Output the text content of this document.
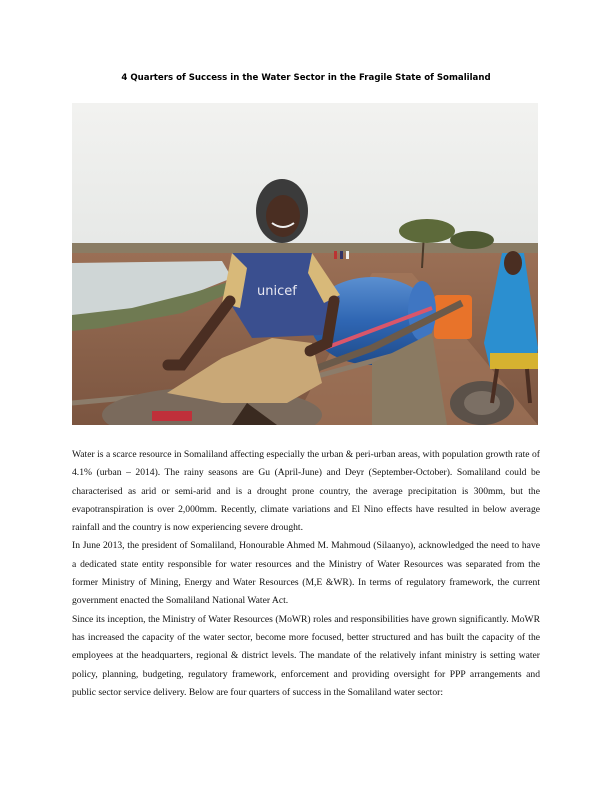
4 Quarters of Success in the Water Sector in the Fragile State of Somaliland
unicef

Water is a scarce resource in Somaliland affecting especially the urban & peri-urban areas, with population growth rate of 4.1% (urban – 2014). The rainy seasons are Gu (April-June) and Deyr (September-October). Somaliland could be characterised as arid or semi-arid and is a drought prone country, the average precipitation is 300mm, but the evapotranspiration is over 2,000mm. Recently, climate variations and El Nino effects have resulted in below average rainfall and the country is now experiencing severe drought.

In June 2013, the president of Somaliland, Honourable Ahmed M. Mahmoud (Silaanyo), acknowledged the need to have a dedicated state entity responsible for water resources and the Ministry of Water Resources was separated from the former Ministry of Mining, Energy and Water Resources (M,E &WR). In terms of regulatory framework, the current government enacted the Somaliland National Water Act.

Since its inception, the Ministry of Water Resources (MoWR) roles and responsibilities have grown significantly. MoWR has increased the capacity of the water sector, become more focused, better structured and has built the capacity of the employees at the headquarters, regional & district levels. The mandate of the relatively infant ministry is setting water policy, planning, budgeting, regulatory framework, enforcement and providing oversight for PPP arrangements and public sector service delivery. Below are four quarters of success in the Somaliland water sector:
